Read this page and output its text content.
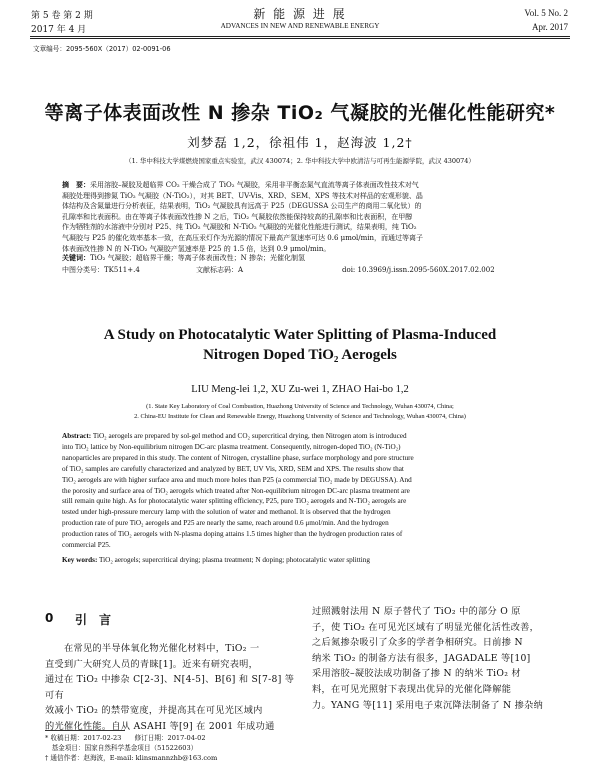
第 5 卷 第 2 期
2017 年 4 月
新 能 源 进 展
ADVANCES IN NEW AND RENEWABLE ENERGY
Vol. 5 No. 2
Apr. 2017
文章编号：2095-560X（2017）02-0091-06
等离子体表面改性 N 掺杂 TiO₂ 气凝胶的光催化性能研究*
刘梦磊 1,2，徐祖伟 1，赵海波 1,2†
（1. 华中科技大学煤燃烧国家重点实验室，武汉 430074；2. 华中科技大学中欧清洁与可再生能源学院，武汉 430074）
摘　要：采用溶胶–凝胶及超临界 CO₂ 干燥合成了 TiO₂ 气凝胶，采用非平衡态氮气直流等离子体表面改性技术对气
凝胶处理得到掺氮 TiO₂ 气凝胶（N-TiO₂），对其 BET、UV-Vis、XRD、SEM、XPS 等技术对样品的宏观形貌、晶
体结构及含氮量进行分析表征，结果表明，TiO₂ 气凝胶具有远高于 P25（DEGUSSA 公司生产的商用二氧化钛）的
孔隙率和比表面积。由在等离子体表面改性掺 N 之后，TiO₂ 气凝胶依然能保持较高的孔隙率和比表面积，在甲醇
作为牺牲剂的水溶液中分别对 P25、纯 TiO₂ 气凝胶和 N-TiO₂ 气凝胶的光催化性能进行测试，结果表明，纯 TiO₂
气凝胶与 P25 的催化效率基本一致，在高压汞灯作为光源的情况下最高产氢速率可达 0.6 μmol/min，而通过等离子
体表面改性掺 N 的 N-TiO₂ 气凝胶产氢速率是 P25 的 1.5 倍，达到 0.9 μmol/min。
关键词：TiO₂ 气凝胶；超临界干燥；等离子体表面改性；N 掺杂；光催化制氢
中图分类号：TK511+.4	文献标志码：A	doi: 10.3969/j.issn.2095-560X.2017.02.002
A Study on Photocatalytic Water Splitting of Plasma-Induced
Nitrogen Doped TiO₂ Aerogels
LIU Meng-lei 1,2, XU Zu-wei 1, ZHAO Hai-bo 1,2
(1. State Key Laboratory of Coal Combustion, Huazhong University of Science and Technology, Wuhan 430074, China;
2. China-EU Institute for Clean and Renewable Energy, Huazhong University of Science and Technology, Wuhan 430074, China)
Abstract: TiO₂ aerogels are prepared by sol-gel method and CO₂ supercritical drying, then Nitrogen atom is introduced
into TiO₂ lattice by Non-equilibrium nitrogen DC-arc plasma treatment. Consequently, nitrogen-doped TiO₂ (N-TiO₂)
nanoparticles are prepared in this study. The content of Nitrogen, crystalline phase, surface morphology and pore structure
of TiO₂ samples are carefully characterized and analyzed by BET, UV Vis, XRD, SEM and XPS. The results show that
TiO₂ aerogels are with higher surface area and much more holes than P25 (a commercial TiO₂ made by DEGUSSA). And
the porosity and surface area of TiO₂ aerogels which treated after Non-equilibrium nitrogen DC-arc plasma treatment are
still remain quite high. As for photocatalytic water splitting efficiency, P25, pure TiO₂ aerogels and N-TiO₂ aerogels are
tested under high-pressure mercury lamp with the solution of water and methanol. It is observed that the hydrogen
production rate of pure TiO₂ aerogels and P25 are nearly the same, reach around 0.6 μmol/min. And the hydrogen
production rates of TiO₂ aerogels with N-plasma doping attains 1.5 times higher than the hydrogen production rates of
commercial P25.
Key words: TiO₂ aerogels; supercritical drying; plasma treatment; N doping; photocatalytic water splitting
0 引　言
　　在常见的半导体氧化物光催化材料中，TiO₂ 一
直受到广大研究人员的青睐[1]。近来有研究表明，
通过在 TiO₂ 中掺杂 C[2-3]、N[4-5]、B[6] 和 S[7-8] 等可有
效减小 TiO₂ 的禁带宽度，并提高其在可见光区域内
的光催化性能。自从 ASAHI 等[9] 在 2001 年成功通
过照溅射法用 N 原子替代了 TiO₂ 中的部分 O 原
子，使 TiO₂ 在可见光区域有了明显光催化活性改善，
之后氮掺杂吸引了众多的学者争相研究。日前掺 N
纳米 TiO₂ 的制备方法有很多，JAGADALE 等[10]
采用溶胶–凝胶法成功制备了掺 N 的纳米 TiO₂ 材
料，在可见光照射下表现出优异的光催化降解能
力。YANG 等[11] 采用电子束沉降法制备了 N 掺杂纳
* 收稿日期：2017-02-23　　修订日期：2017-04-02
　基金项目：国家自然科学基金项目（51522603）
† 通信作者：赵海波，E-mail: klinsmannzhb@163.com
